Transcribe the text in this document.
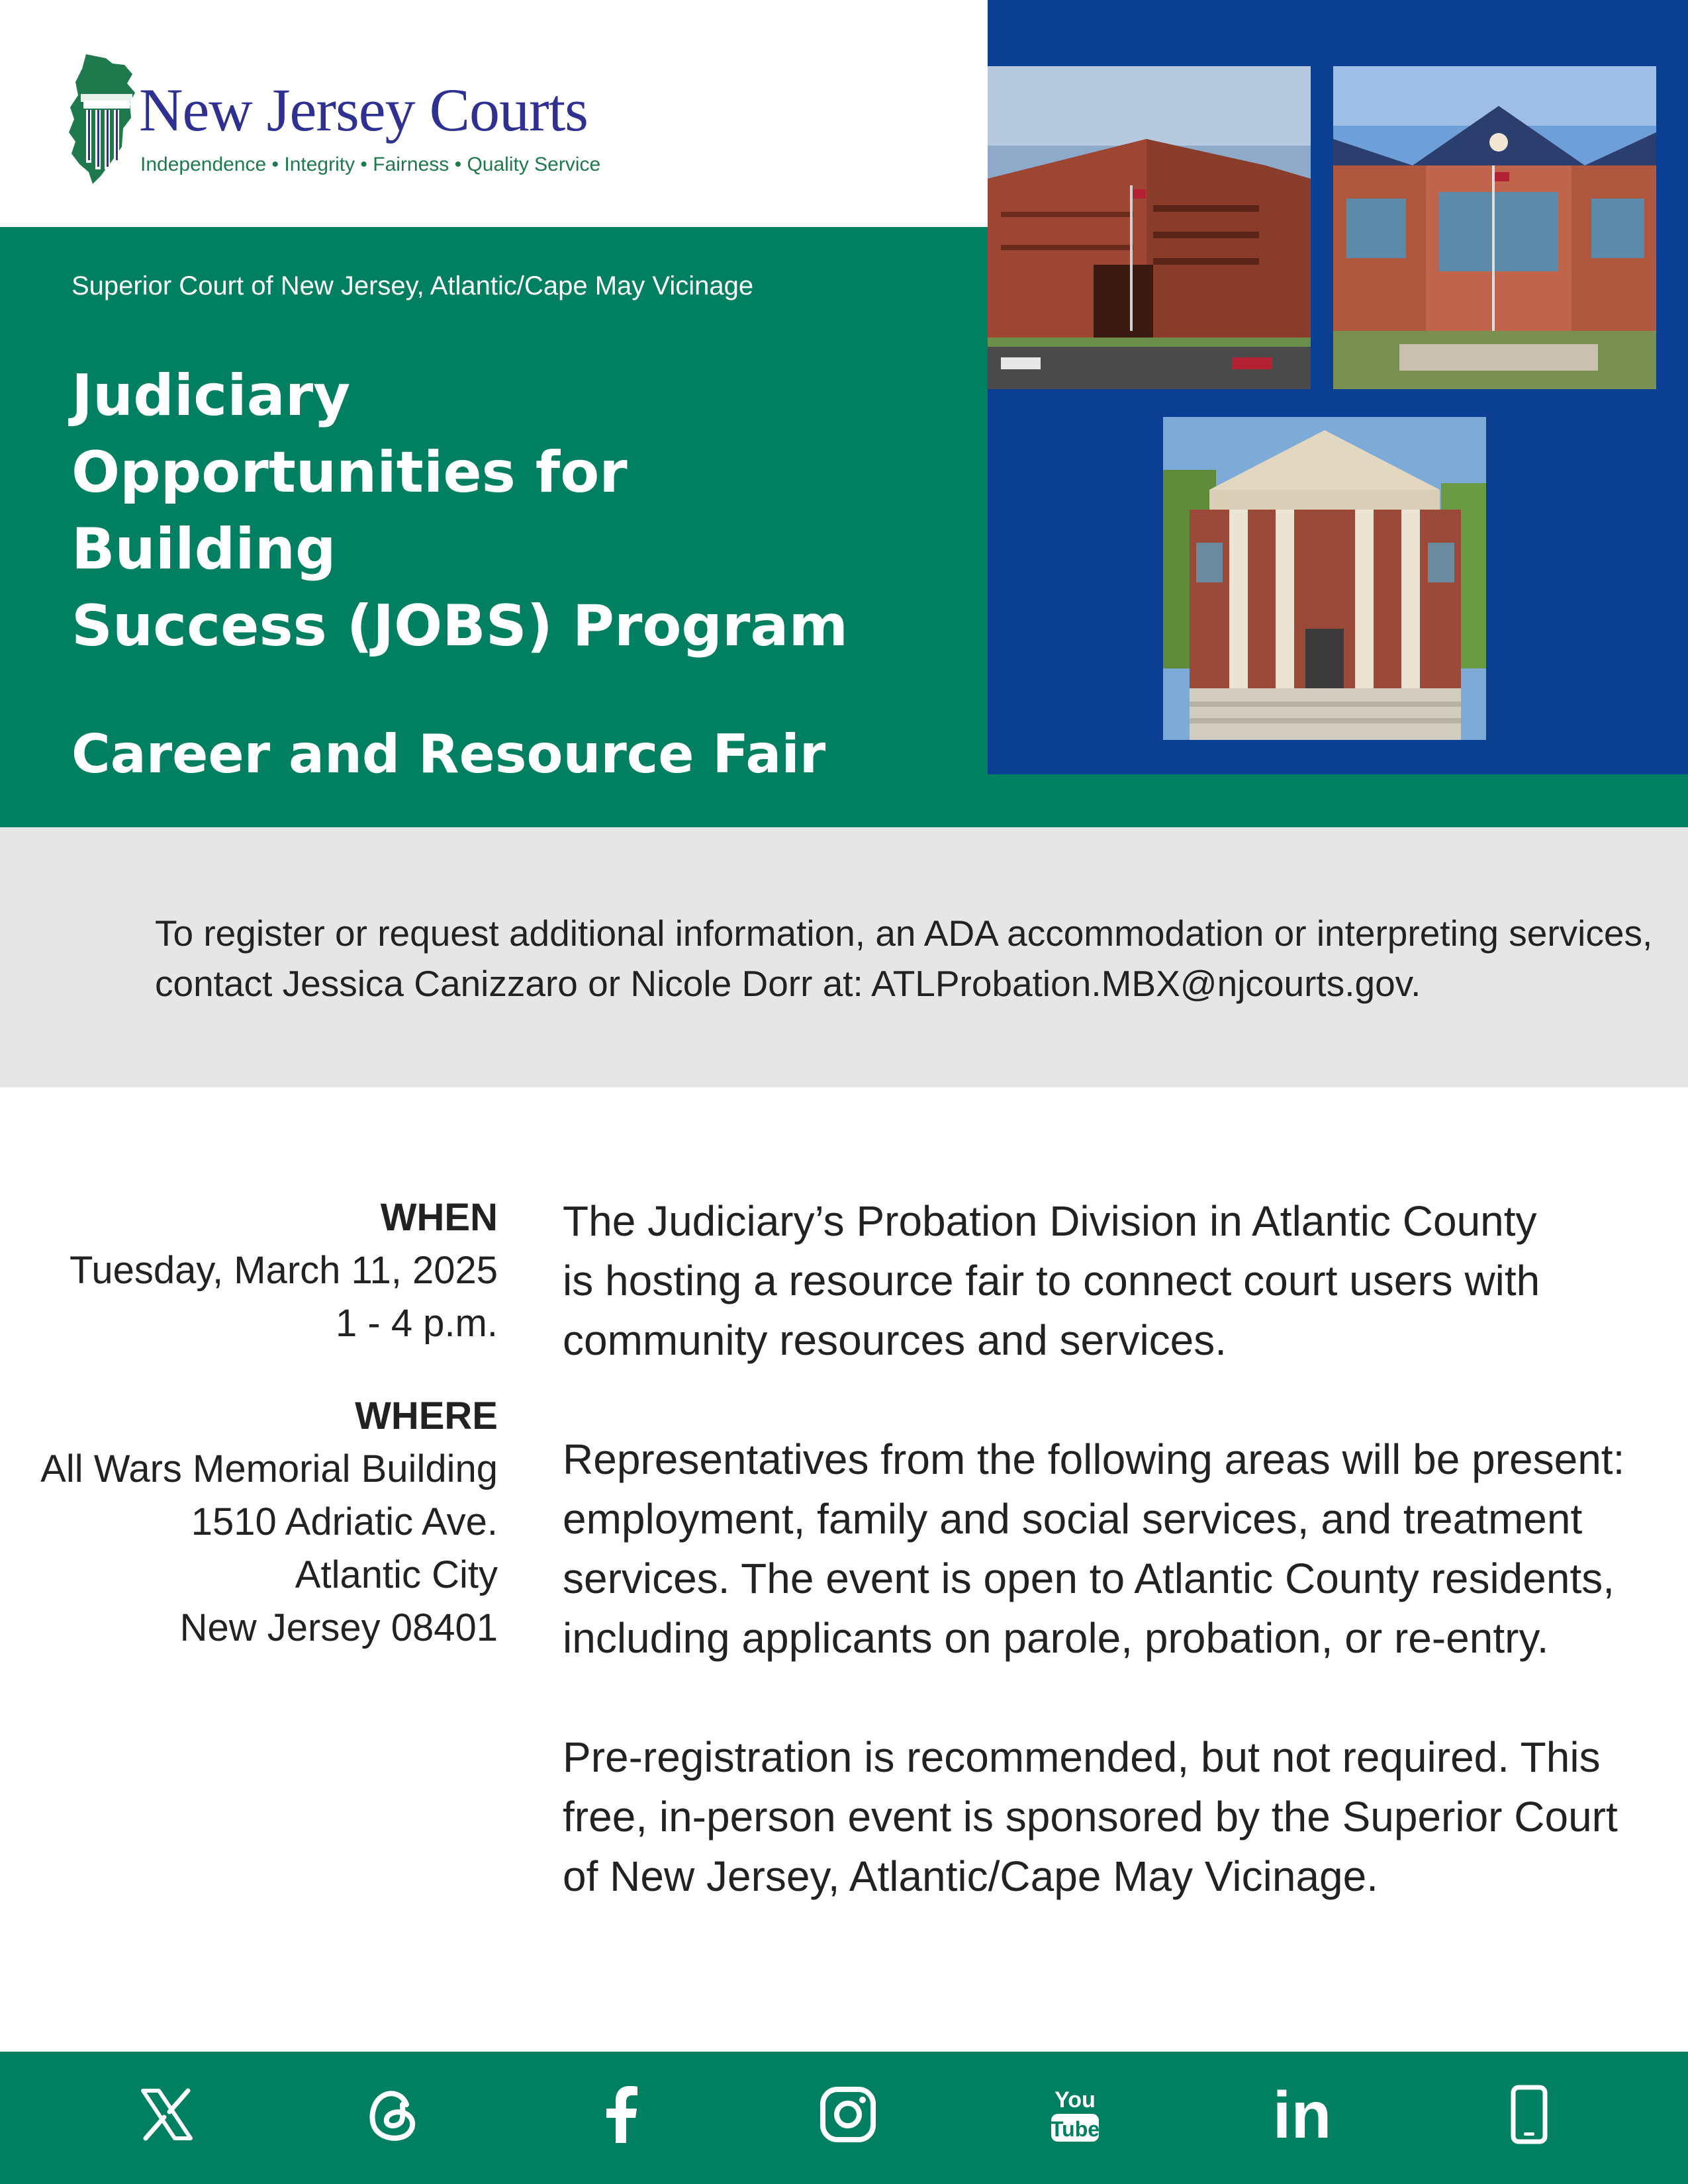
New Jersey Courts
Independence • Integrity • Fairness • Quality Service
Superior Court of New Jersey, Atlantic/Cape May Vicinage
Judiciary
Opportunities for
Building
Success (JOBS) Program
Career and Resource Fair
To register or request additional information, an ADA accommodation or interpreting services,
contact Jessica Canizzaro or Nicole Dorr at: ATLProbation.MBX@njcourts.gov.
WHEN
Tuesday, March 11, 2025
1 - 4 p.m.
WHERE
All Wars Memorial Building
1510 Adriatic Ave.
Atlantic City
New Jersey 08401
The Judiciary’s Probation Division in Atlantic County
is hosting a resource fair to connect court users with
community resources and services.
Representatives from the following areas will be present:
employment, family and social services, and treatment
services. The event is open to Atlantic County residents,
including applicants on parole, probation, or re-entry.
Pre-registration is recommended, but not required. This
free, in-person event is sponsored by the Superior Court
of New Jersey, Atlantic/Cape May Vicinage.
You
Tube	in
